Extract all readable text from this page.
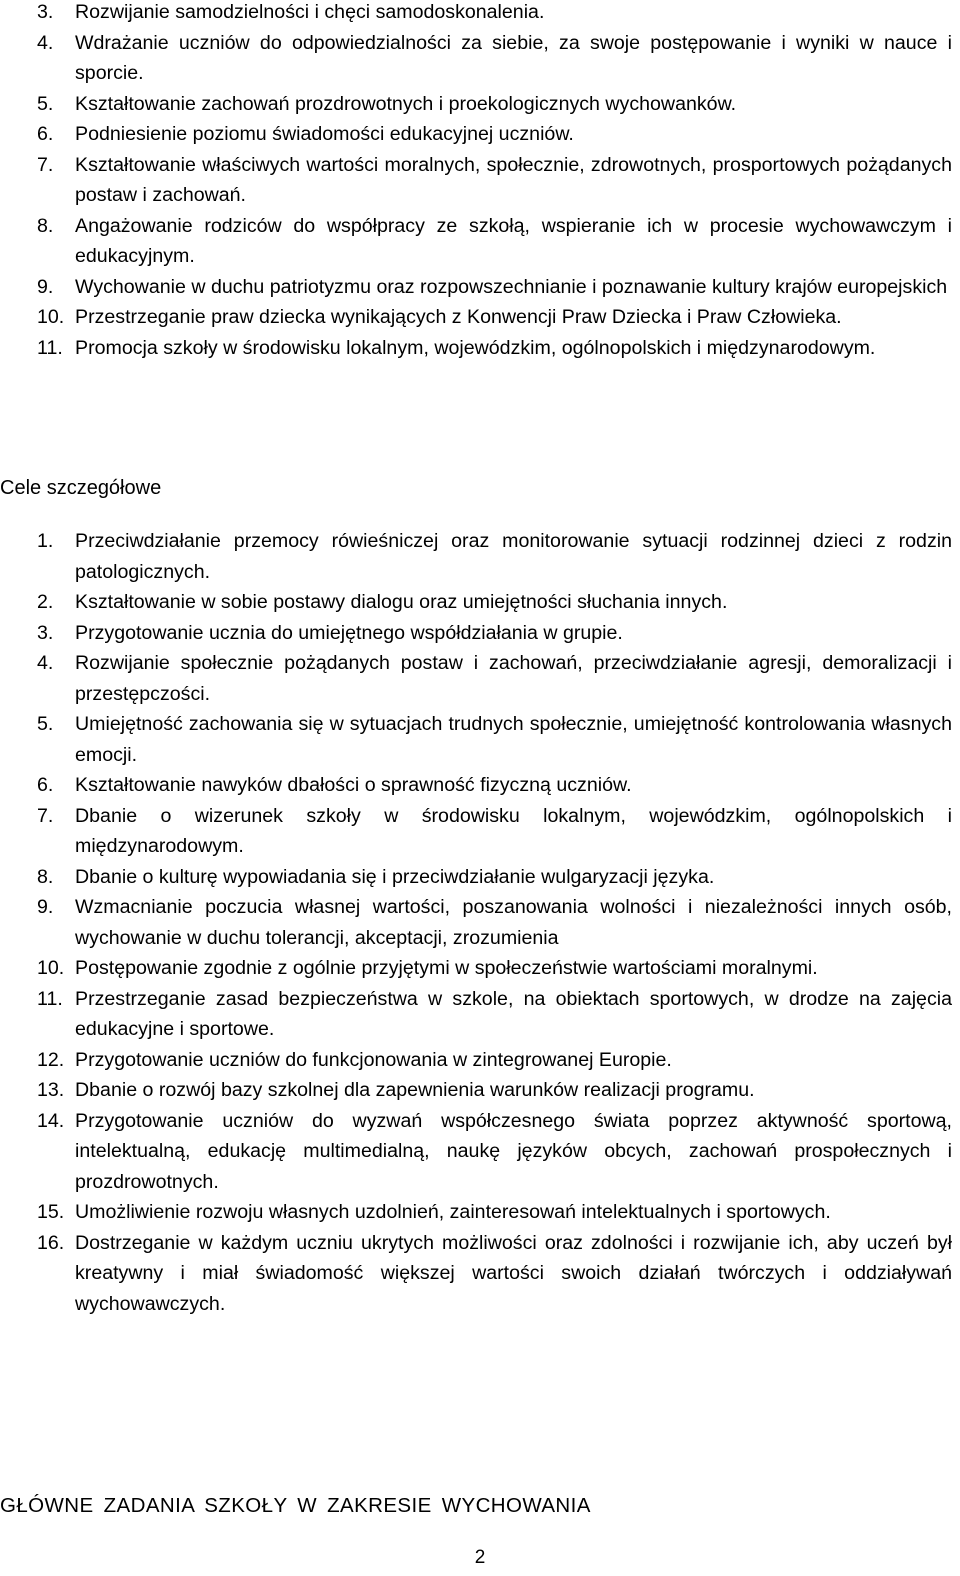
3. Rozwijanie samodzielności i chęci samodoskonalenia.
4. Wdrażanie uczniów do odpowiedzialności za siebie, za swoje postępowanie i wyniki w nauce i sporcie.
5. Kształtowanie zachowań prozdrowotnych i proekologicznych wychowanków.
6. Podniesienie poziomu świadomości edukacyjnej uczniów.
7. Kształtowanie właściwych wartości moralnych, społecznie, zdrowotnych, prosportowych pożądanych postaw i zachowań.
8. Angażowanie rodziców do współpracy ze szkołą, wspieranie ich w procesie wychowawczym i edukacyjnym.
9. Wychowanie w duchu patriotyzmu oraz rozpowszechnianie i poznawanie kultury krajów europejskich
10. Przestrzeganie praw dziecka wynikających z Konwencji Praw Dziecka i Praw Człowieka.
11. Promocja szkoły w środowisku lokalnym, wojewódzkim, ogólnopolskich i międzynarodowym.
Cele szczegółowe
1. Przeciwdziałanie przemocy rówieśniczej oraz monitorowanie sytuacji rodzinnej dzieci z rodzin patologicznych.
2. Kształtowanie w sobie postawy dialogu oraz umiejętności słuchania innych.
3. Przygotowanie ucznia do umiejętnego współdziałania w grupie.
4. Rozwijanie społecznie pożądanych postaw i zachowań, przeciwdziałanie agresji, demoralizacji i przestępczości.
5. Umiejętność zachowania się w sytuacjach trudnych społecznie, umiejętność kontrolowania własnych emocji.
6. Kształtowanie nawyków dbałości o sprawność fizyczną uczniów.
7. Dbanie o wizerunek szkoły w środowisku lokalnym, wojewódzkim, ogólnopolskich i międzynarodowym.
8. Dbanie o kulturę wypowiadania się i przeciwdziałanie wulgaryzacji języka.
9. Wzmacnianie poczucia własnej wartości, poszanowania wolności i niezależności innych osób, wychowanie w duchu tolerancji, akceptacji, zrozumienia
10. Postępowanie zgodnie z ogólnie przyjętymi w społeczeństwie wartościami moralnymi.
11. Przestrzeganie zasad bezpieczeństwa w szkole, na obiektach sportowych, w drodze na zajęcia edukacyjne i sportowe.
12. Przygotowanie uczniów do funkcjonowania w zintegrowanej Europie.
13. Dbanie o rozwój bazy szkolnej dla zapewnienia warunków realizacji programu.
14. Przygotowanie uczniów do wyzwań współczesnego świata poprzez aktywność sportową, intelektualną, edukację multimedialną, naukę języków obcych, zachowań prospołecznych i prozdrowotnych.
15. Umożliwienie rozwoju własnych uzdolnień, zainteresowań intelektualnych i sportowych.
16. Dostrzeganie w każdym uczniu ukrytych możliwości oraz zdolności i rozwijanie ich, aby uczeń był kreatywny i miał świadomość większej wartości swoich działań twórczych i oddziaływań wychowawczych.
GŁÓWNE ZADANIA SZKOŁY W ZAKRESIE WYCHOWANIA
2
